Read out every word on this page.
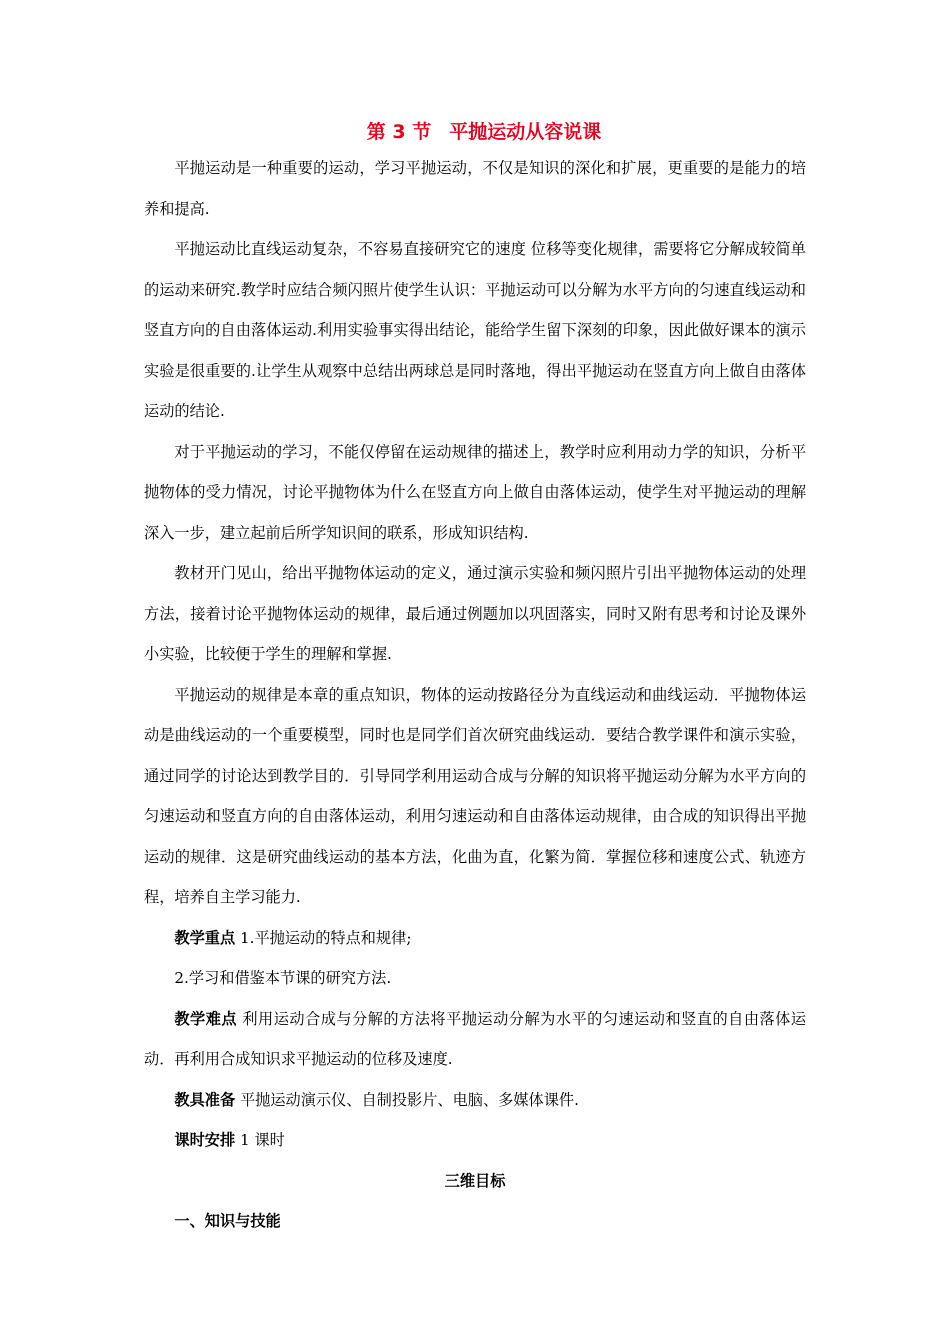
第 3 节 平抛运动从容说课

平抛运动是一种重要的运动，学习平抛运动，不仅是知识的深化和扩展，更重要的是能力的培养和提高.

平抛运动比直线运动复杂，不容易直接研究它的速度 位移等变化规律，需要将它分解成较简单的运动来研究.教学时应结合频闪照片使学生认识：平抛运动可以分解为水平方向的匀速直线运动和竖直方向的自由落体运动.利用实验事实得出结论，能给学生留下深刻的印象，因此做好课本的演示实验是很重要的.让学生从观察中总结出两球总是同时落地，得出平抛运动在竖直方向上做自由落体运动的结论.

对于平抛运动的学习，不能仅停留在运动规律的描述上，教学时应利用动力学的知识，分析平抛物体的受力情况，讨论平抛物体为什么在竖直方向上做自由落体运动，使学生对平抛运动的理解深入一步，建立起前后所学知识间的联系，形成知识结构.

教材开门见山，给出平抛物体运动的定义，通过演示实验和频闪照片引出平抛物体运动的处理方法，接着讨论平抛物体运动的规律，最后通过例题加以巩固落实，同时又附有思考和讨论及课外小实验，比较便于学生的理解和掌握.

平抛运动的规律是本章的重点知识，物体的运动按路径分为直线运动和曲线运动．平抛物体运动是曲线运动的一个重要模型，同时也是同学们首次研究曲线运动．要结合教学课件和演示实验，通过同学的讨论达到教学目的．引导同学利用运动合成与分解的知识将平抛运动分解为水平方向的匀速运动和竖直方向的自由落体运动，利用匀速运动和自由落体运动规律，由合成的知识得出平抛运动的规律．这是研究曲线运动的基本方法，化曲为直，化繁为简．掌握位移和速度公式、轨迹方程，培养自主学习能力.

教学重点 1.平抛运动的特点和规律;

2.学习和借鉴本节课的研究方法.

教学难点 利用运动合成与分解的方法将平抛运动分解为水平的匀速运动和竖直的自由落体运动．再利用合成知识求平抛运动的位移及速度.

教具准备 平抛运动演示仪、自制投影片、电脑、多媒体课件.

课时安排 1 课时

三维目标
一、知识与技能
